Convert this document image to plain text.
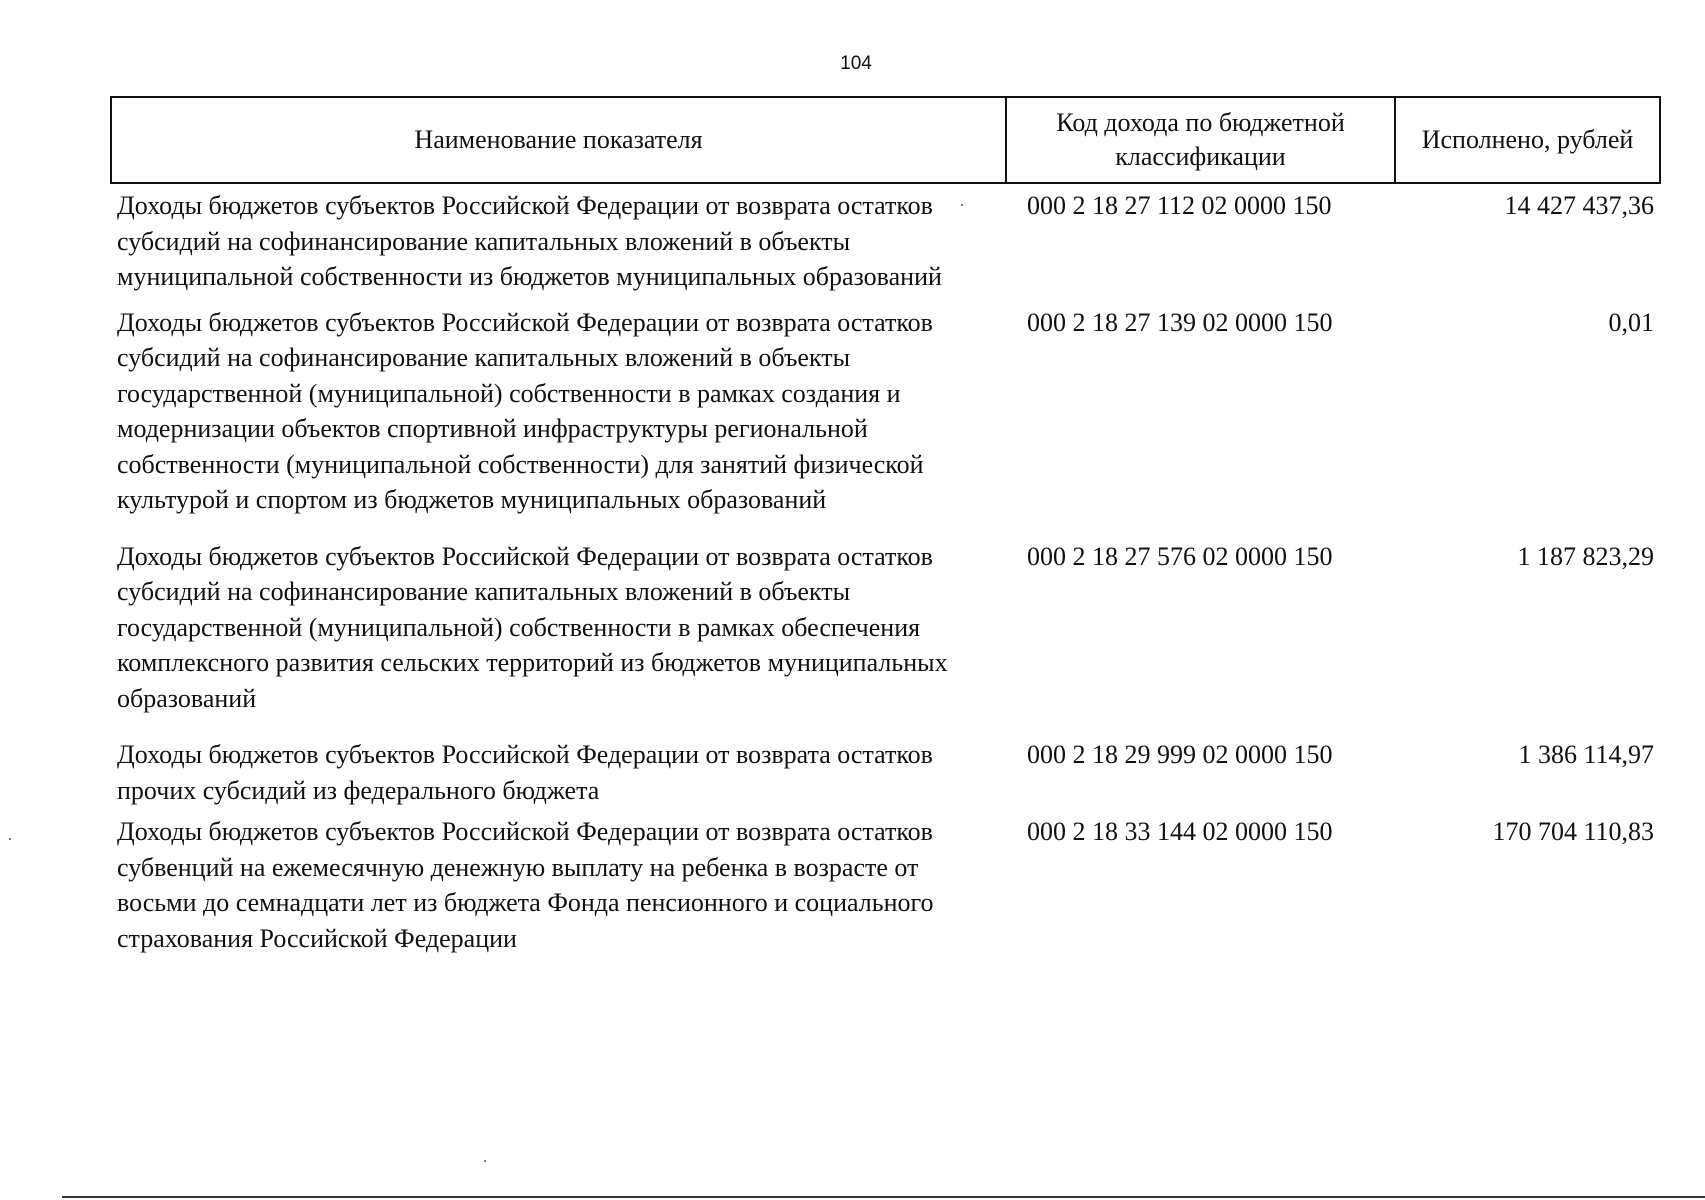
104
Наименование показателя	Код дохода по бюджетной классификации	Исполнено, рублей
Доходы бюджетов субъектов Российской Федерации от возврата остатков субсидий на софинансирование капитальных вложений в объекты муниципальной собственности из бюджетов муниципальных образований	000 2 18 27 112 02 0000 150	14 427 437,36
Доходы бюджетов субъектов Российской Федерации от возврата остатков субсидий на софинансирование капитальных вложений в объекты государственной (муниципальной) собственности в рамках создания и модернизации объектов спортивной инфраструктуры региональной собственности (муниципальной собственности) для занятий физической культурой и спортом из бюджетов муниципальных образований	000 2 18 27 139 02 0000 150	0,01
Доходы бюджетов субъектов Российской Федерации от возврата остатков субсидий на софинансирование капитальных вложений в объекты государственной (муниципальной) собственности в рамках обеспечения комплексного развития сельских территорий из бюджетов муниципальных образований	000 2 18 27 576 02 0000 150	1 187 823,29
Доходы бюджетов субъектов Российской Федерации от возврата остатков прочих субсидий из федерального бюджета	000 2 18 29 999 02 0000 150	1 386 114,97
Доходы бюджетов субъектов Российской Федерации от возврата остатков субвенций на ежемесячную денежную выплату на ребенка в возрасте от восьми до семнадцати лет из бюджета Фонда пенсионного и социального страхования Российской Федерации	000 2 18 33 144 02 0000 150	170 704 110,83
